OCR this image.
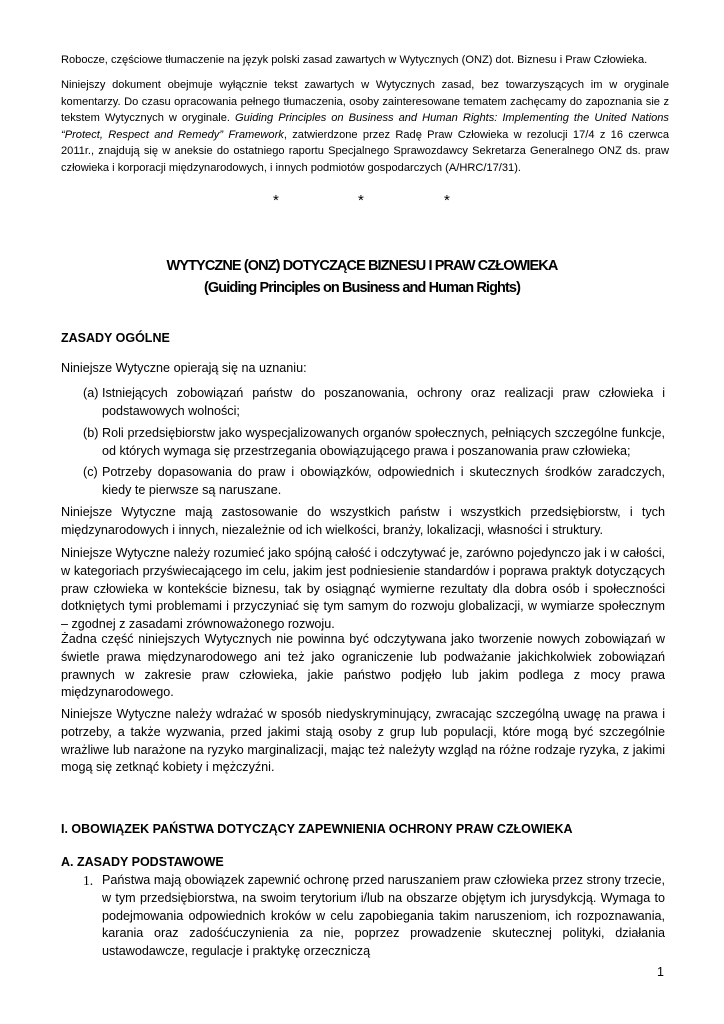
Robocze, częściowe tłumaczenie na język polski zasad zawartych w Wytycznych (ONZ) dot. Biznesu i Praw Człowieka.
Niniejszy dokument obejmuje wyłącznie tekst zawartych w Wytycznych zasad, bez towarzyszących im w oryginale komentarzy. Do czasu opracowania pełnego tłumaczenia, osoby zainteresowane tematem zachęcamy do zapoznania sie z tekstem Wytycznych w oryginale. Guiding Principles on Business and Human Rights: Implementing the United Nations “Protect, Respect and Remedy” Framework, zatwierdzone przez Radę Praw Człowieka w rezolucji 17/4 z 16 czerwca 2011r., znajdują się w aneksie do ostatniego raportu Specjalnego Sprawozdawcy Sekretarza Generalnego ONZ ds. praw człowieka i korporacji międzynarodowych, i innych podmiotów gospodarczych (A/HRC/17/31).
*	*	*
WYTYCZNE (ONZ) DOTYCZĄCE BIZNESU I PRAW CZŁOWIEKA
(Guiding Principles on Business and Human Rights)
ZASADY OGÓLNE
Niniejsze Wytyczne opierają się na uznaniu:
(a) Istniejących zobowiązań państw do poszanowania, ochrony oraz realizacji praw człowieka i podstawowych wolności;
(b) Roli przedsiębiorstw jako wyspecjalizowanych organów społecznych, pełniących szczególne funkcje, od których wymaga się przestrzegania obowiązującego prawa i poszanowania praw człowieka;
(c) Potrzeby dopasowania do praw i obowiązków, odpowiednich i skutecznych środków zaradczych, kiedy te pierwsze są naruszane.
Niniejsze Wytyczne mają zastosowanie do wszystkich państw i wszystkich przedsiębiorstw, i tych międzynarodowych i innych, niezależnie od ich wielkości, branży, lokalizacji, własności i struktury.
Niniejsze Wytyczne należy rozumieć jako spójną całość i odczytywać je, zarówno pojedynczo jak i w całości, w kategoriach przyświecającego im celu, jakim jest podniesienie standardów i poprawa praktyk dotyczących praw człowieka w kontekście biznesu, tak by osiągnąć wymierne rezultaty dla dobra osób i społeczności dotkniętych tymi problemami i przyczyniać się tym samym do rozwoju globalizacji, w wymiarze społecznym – zgodnej z zasadami zrównoważonego rozwoju.
Żadna część niniejszych Wytycznych nie powinna być odczytywana jako tworzenie nowych zobowiązań w świetle prawa międzynarodowego ani też jako ograniczenie lub podważanie jakichkolwiek zobowiązań prawnych w zakresie praw człowieka, jakie państwo podjęło lub jakim podlega z mocy prawa międzynarodowego.
Niniejsze Wytyczne należy wdrażać w sposób niedyskryminujący, zwracając szczególną uwagę na prawa i potrzeby, a także wyzwania, przed jakimi stają osoby z grup lub populacji, które mogą być szczególnie wrażliwe lub narażone na ryzyko marginalizacji, mając też należyty wzgląd na różne rodzaje ryzyka, z jakimi mogą się zetknąć kobiety i mężczyźni.
I. OBOWIĄZEK PAŃSTWA DOTYCZĄCY ZAPEWNIENIA OCHRONY PRAW CZŁOWIEKA
A. ZASADY PODSTAWOWE
1. Państwa mają obowiązek zapewnić ochronę przed naruszaniem praw człowieka przez strony trzecie, w tym przedsiębiorstwa, na swoim terytorium i/lub na obszarze objętym ich jurysdykcją. Wymaga to podejmowania odpowiednich kroków w celu zapobiegania takim naruszeniom, ich rozpoznawania, karania oraz zadośćuczynienia za nie, poprzez prowadzenie skutecznej polityki, działania ustawodawcze, regulacje i praktykę orzeczniczą
1
